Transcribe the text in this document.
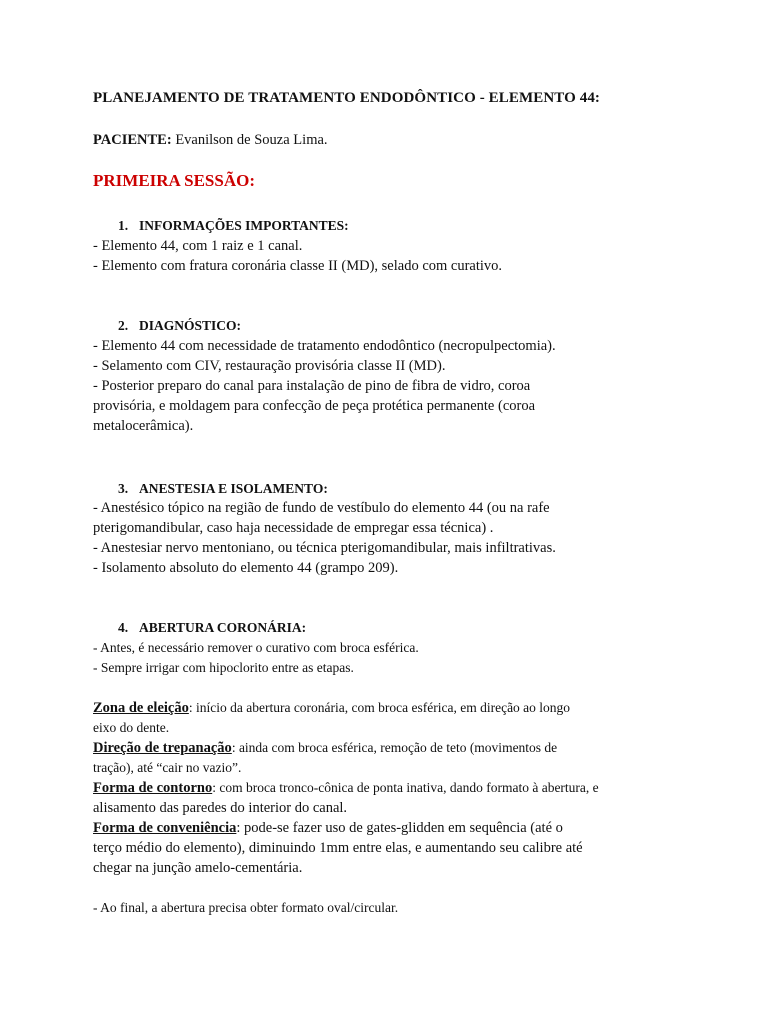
PLANEJAMENTO DE TRATAMENTO ENDODÔNTICO - ELEMENTO 44:

PACIENTE: Evanilson de Souza Lima.

PRIMEIRA SESSÃO:

1. INFORMAÇÕES IMPORTANTES:

- Elemento 44, com 1 raiz e 1 canal.

- Elemento com fratura coronária classe II (MD), selado com curativo.

2. DIAGNÓSTICO:

- Elemento 44 com necessidade de tratamento endodôntico (necropulpectomia).

- Selamento com CIV, restauração provisória classe II (MD).

- Posterior preparo do canal para instalação de pino de fibra de vidro, coroa

provisória, e moldagem para confecção de peça protética permanente (coroa

metalocerâmica).

3. ANESTESIA E ISOLAMENTO:

- Anestésico tópico na região de fundo de vestíbulo do elemento 44 (ou na rafe

pterigomandibular, caso haja necessidade de empregar essa técnica) .

- Anestesiar nervo mentoniano, ou técnica pterigomandibular, mais infiltrativas.

- Isolamento absoluto do elemento 44 (grampo 209).

4. ABERTURA CORONÁRIA:

- Antes, é necessário remover o curativo com broca esférica.

- Sempre irrigar com hipoclorito entre as etapas.

Zona de eleição: início da abertura coronária, com broca esférica, em direção ao longo

eixo do dente.

Direção de trepanação: ainda com broca esférica, remoção de teto (movimentos de

tração), até “cair no vazio”.

Forma de contorno: com broca tronco-cônica de ponta inativa, dando formato à abertura, e

alisamento das paredes do interior do canal.

Forma de conveniência: pode-se fazer uso de gates-glidden em sequência (até o

terço médio do elemento), diminuindo 1mm entre elas, e aumentando seu calibre até

chegar na junção amelo-cementária.

- Ao final, a abertura precisa obter formato oval/circular.
